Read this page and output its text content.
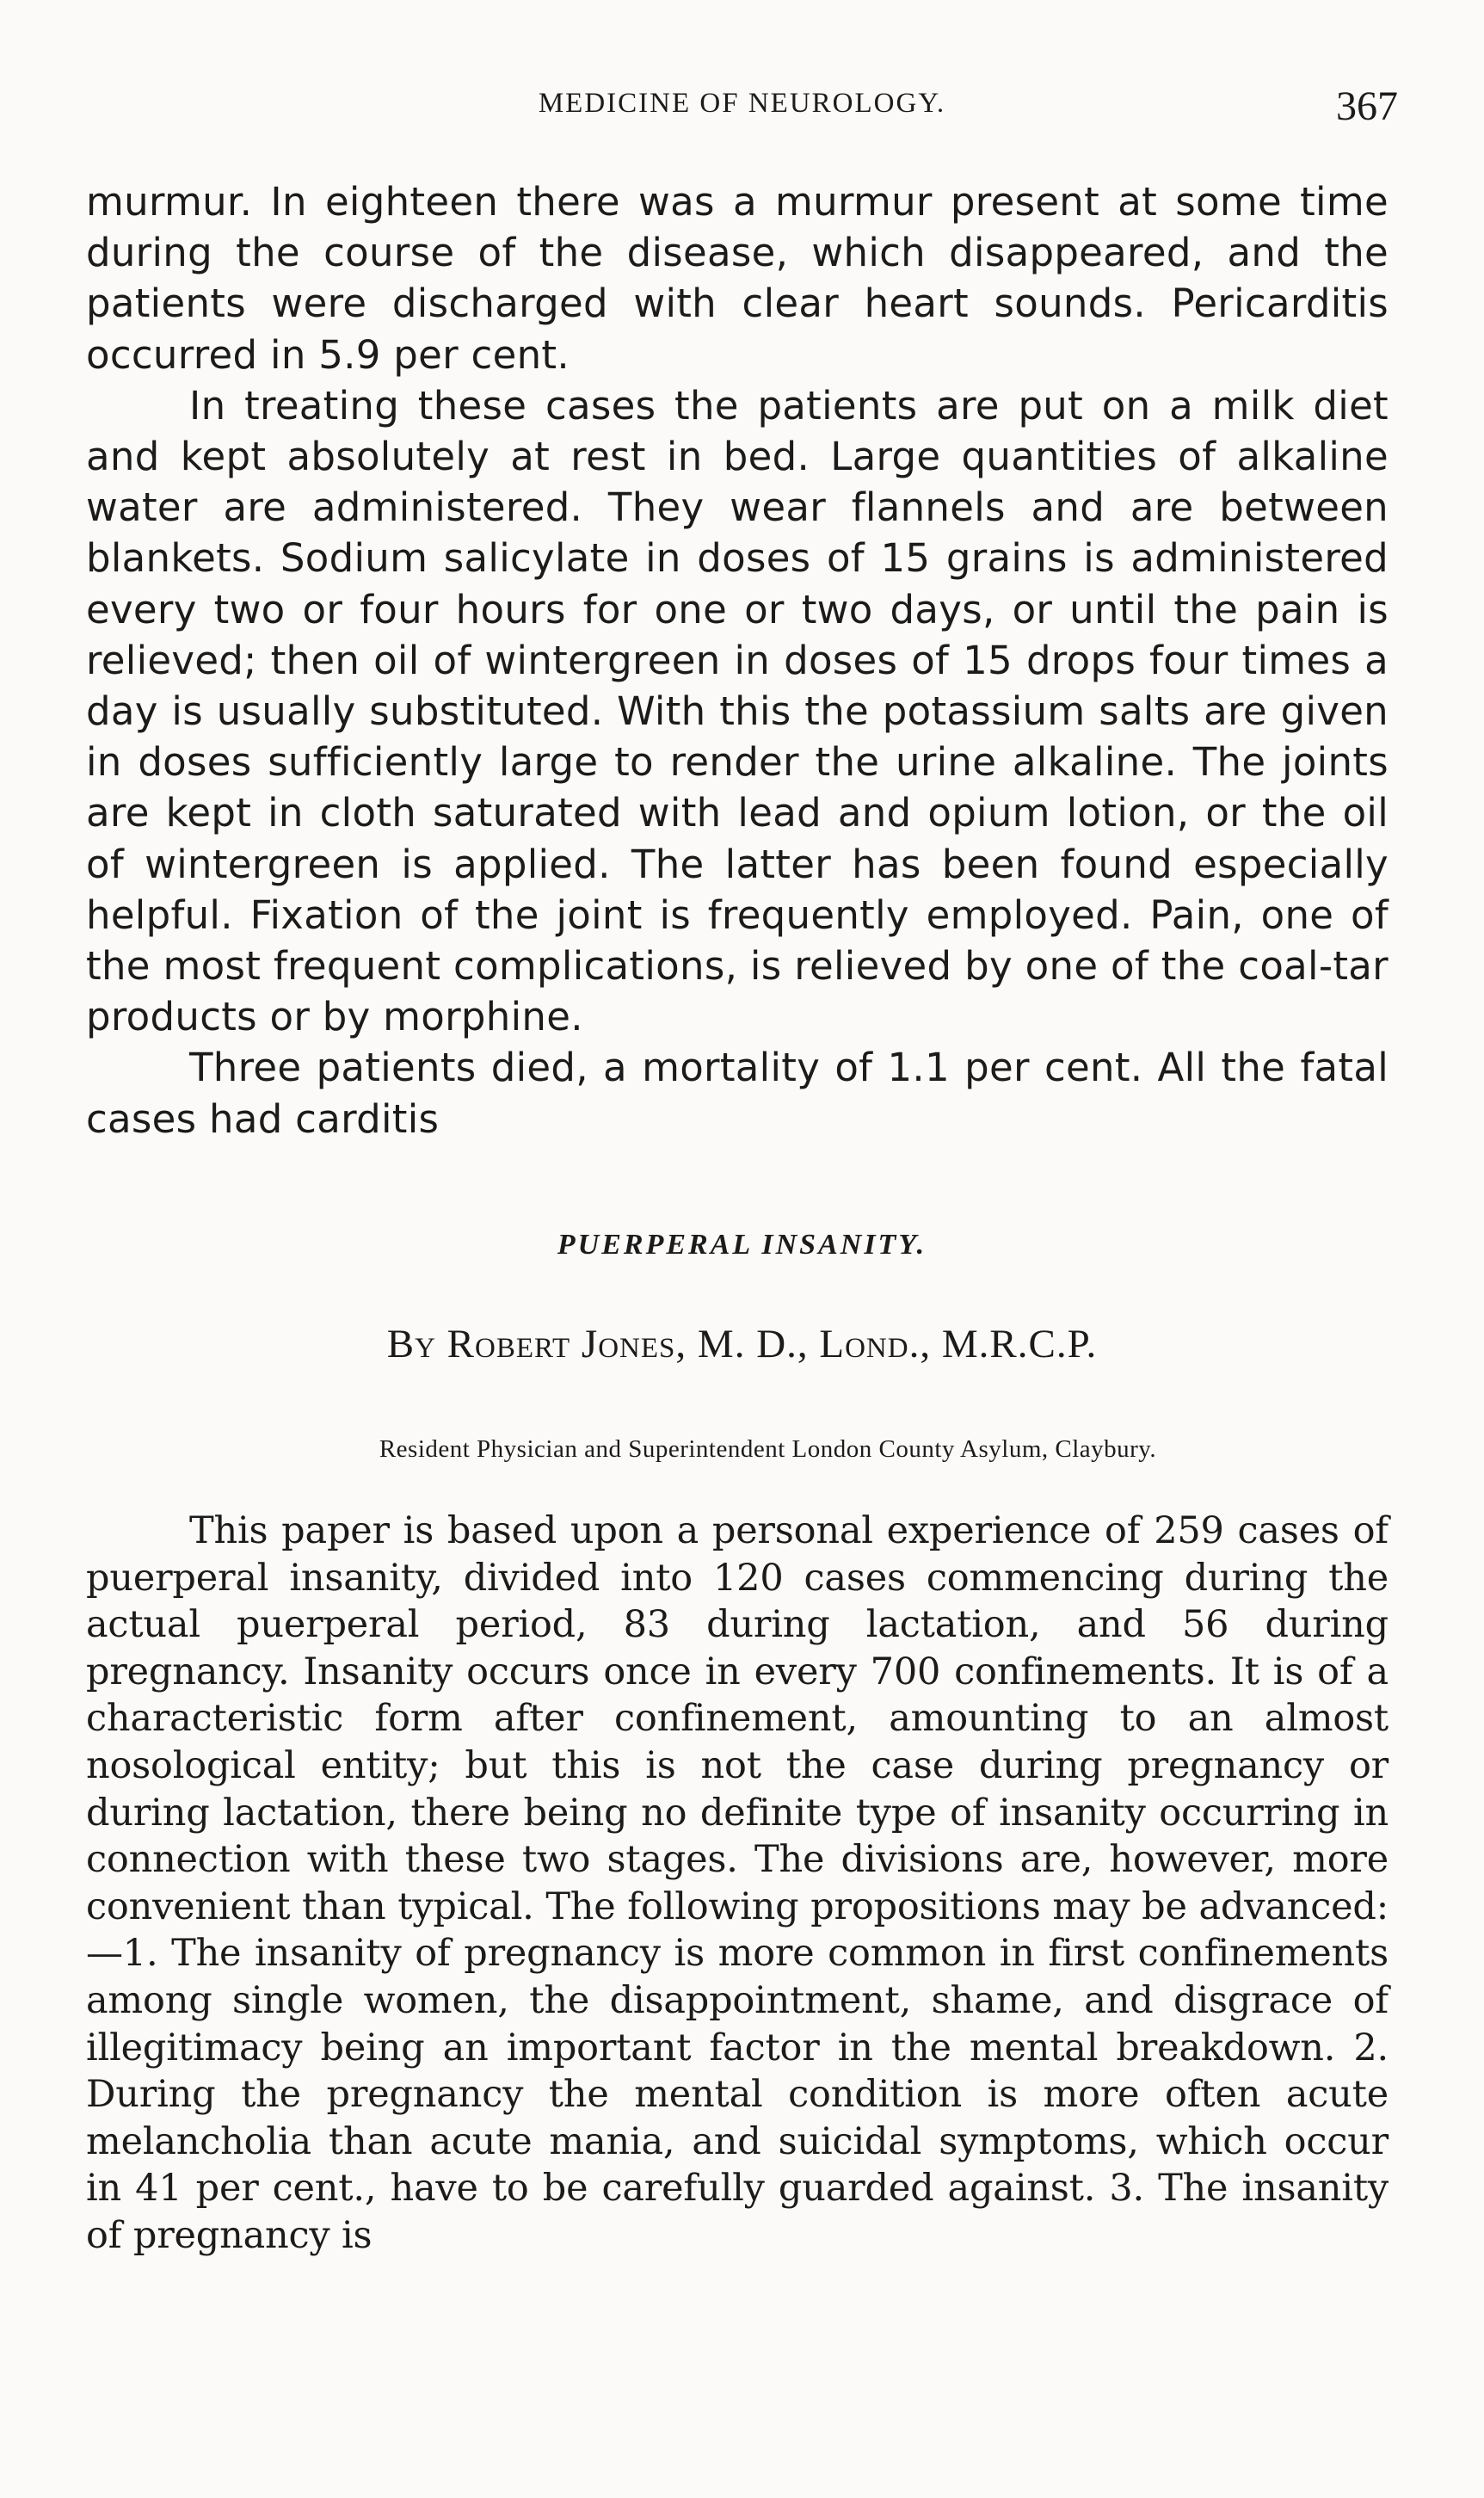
MEDICINE OF NEUROLOGY.	367

murmur. In eighteen there was a murmur present at some time during the course of the disease, which disappeared, and the patients were discharged with clear heart sounds. Pericarditis occurred in 5.9 per cent.

In treating these cases the patients are put on a milk diet and kept absolutely at rest in bed. Large quantities of alkaline water are administered. They wear flannels and are between blankets. Sodium salicylate in doses of 15 grains is administered every two or four hours for one or two days, or until the pain is relieved; then oil of wintergreen in doses of 15 drops four times a day is usually substituted. With this the potassium salts are given in doses sufficiently large to render the urine alkaline. The joints are kept in cloth saturated with lead and opium lotion, or the oil of wintergreen is applied. The latter has been found especially helpful. Fixation of the joint is frequently employed. Pain, one of the most frequent complications, is relieved by one of the coal-tar products or by morphine.

Three patients died, a mortality of 1.1 per cent. All the fatal cases had carditis

PUERPERAL INSANITY.
By Robert Jones, M. D., Lond., M.R.C.P.
Resident Physician and Superintendent London County Asylum, Claybury.

This paper is based upon a personal experience of 259 cases of puerperal insanity, divided into 120 cases commencing during the actual puerperal period, 83 during lactation, and 56 during pregnancy. Insanity occurs once in every 700 confinements. It is of a characteristic form after confinement, amounting to an almost nosological entity; but this is not the case during pregnancy or during lactation, there being no definite type of insanity occurring in connection with these two stages. The divisions are, however, more convenient than typical. The following propositions may be advanced:—1. The insanity of pregnancy is more common in first confinements among single women, the disappointment, shame, and disgrace of illegitimacy being an important factor in the mental breakdown. 2. During the pregnancy the mental condition is more often acute melancholia than acute mania, and suicidal symptoms, which occur in 41 per cent., have to be carefully guarded against. 3. The insanity of pregnancy is
